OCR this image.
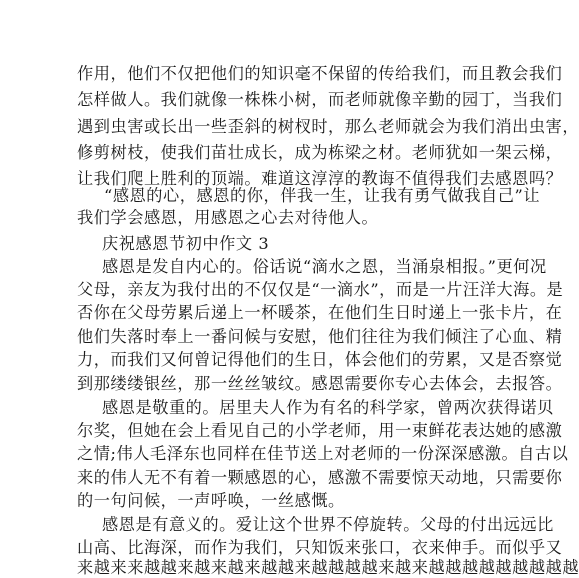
作用，他们不仅把他们的知识毫不保留的传给我们，而且教会我们
怎样做人。我们就像一株株小树，而老师就像辛勤的园丁，当我们
遇到虫害或长出一些歪斜的树杈时，那么老师就会为我们消出虫害，
修剪树枝，使我们苗壮成长，成为栋梁之材。老师犹如一架云梯，
让我们爬上胜利的顶端。难道这淳淳的教诲不值得我们去感恩吗？
“感恩的心，感恩的你，伴我一生，让我有勇气做我自己”让
我们学会感恩，用感恩之心去对待他人。
庆祝感恩节初中作文 3
感恩是发自内心的。俗话说“滴水之恩，当涌泉相报。”更何况
父母，亲友为我付出的不仅仅是“一滴水”，而是一片汪洋大海。是
否你在父母劳累后递上一杯暖茶，在他们生日时递上一张卡片，在
他们失落时奉上一番问候与安慰，他们往往为我们倾注了心血、精
力，而我们又何曾记得他们的生日，体会他们的劳累，又是否察觉
到那缕缕银丝，那一丝丝皱纹。感恩需要你专心去体会，去报答。
感恩是敬重的。居里夫人作为有名的科学家，曾两次获得诺贝
尔奖，但她在会上看见自己的小学老师，用一束鲜花表达她的感激
之情;伟人毛泽东也同样在佳节送上对老师的一份深深感激。自古以
来的伟人无不有着一颗感恩的心，感激不需要惊天动地，只需要你
的一句问候，一声呼唤，一丝感慨。
感恩是有意义的。爱让这个世界不停旋转。父母的付出远远比
山高、比海深，而作为我们，只知饭来张口，衣来伸手。而似乎又
来越来来越越来越来越来越越来越越越越来越来越越越越越越越越越
